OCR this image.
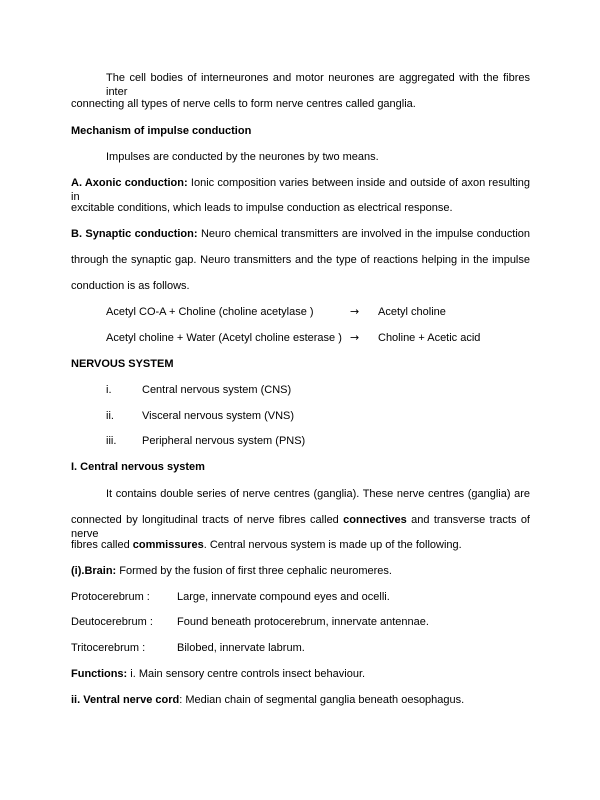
The cell bodies of interneurones and motor neurones are aggregated with the fibres inter
connecting all types of nerve cells to form nerve centres called ganglia.
Mechanism of impulse conduction
Impulses are conducted by the neurones by two means.
A. Axonic conduction: Ionic composition varies between inside and outside of axon resulting in
excitable conditions, which leads to impulse conduction as electrical response.
B. Synaptic conduction: Neuro chemical transmitters are involved in the impulse conduction
through the synaptic gap. Neuro transmitters and the type of reactions helping in the impulse
conduction is as follows.
Acetyl CO-A + Choline (choline acetylase )	→ Acetyl choline
Acetyl choline + Water (Acetyl choline esterase ) → Choline + Acetic acid
NERVOUS SYSTEM
i.	Central nervous system (CNS)
ii.	Visceral nervous system (VNS)
iii. Peripheral nervous system (PNS)
I. Central nervous system
It contains double series of nerve centres (ganglia). These nerve centres (ganglia) are
connected by longitudinal tracts of nerve fibres called connectives and transverse tracts of nerve
fibres called commissures. Central nervous system is made up of the following.
(i).Brain: Formed by the fusion of first three cephalic neuromeres.
Protocerebrum : Large, innervate compound eyes and ocelli.
Deutocerebrum : Found beneath protocerebrum, innervate antennae.
Tritocerebrum :	Bilobed, innervate labrum.
Functions: i. Main sensory centre controls insect behaviour.
ii. Ventral nerve cord: Median chain of segmental ganglia beneath oesophagus.
